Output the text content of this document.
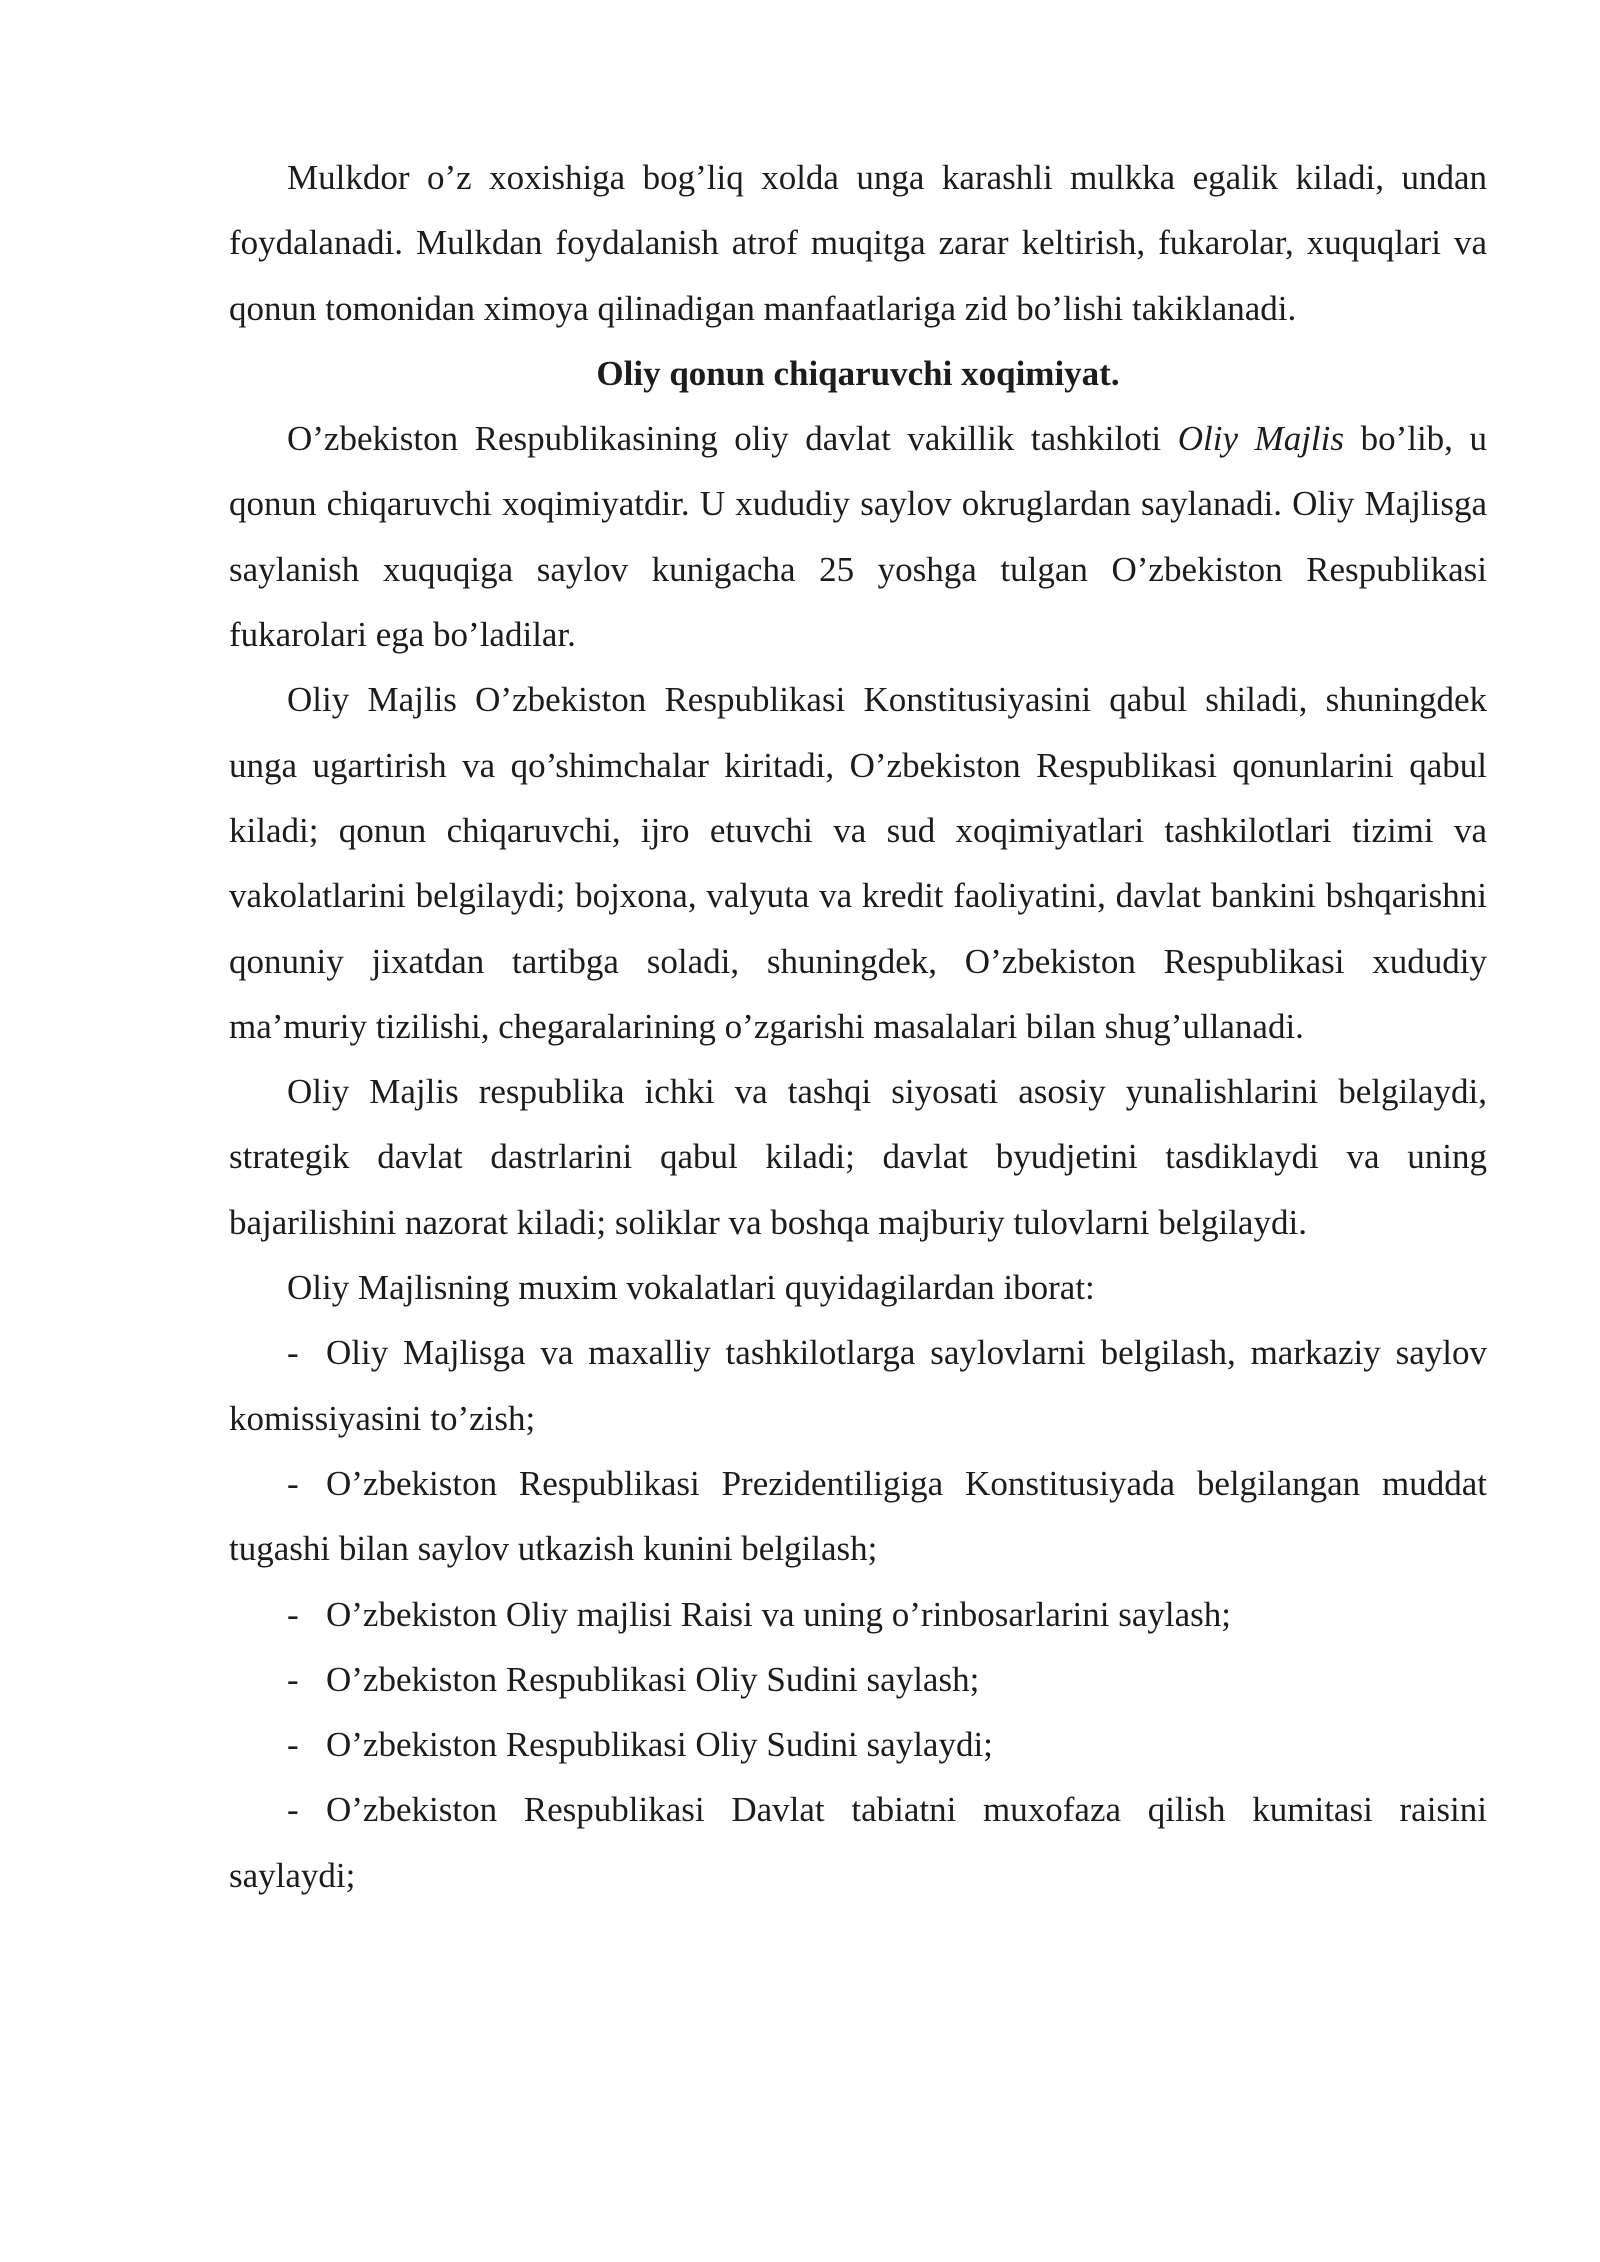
Mulkdor o’z xoxishiga bog’liq xolda unga karashli mulkka egalik kiladi, undan foydalanadi. Mulkdan foydalanish atrof muqitga zarar keltirish, fukarolar, xuquqlari va qonun tomonidan ximoya qilinadigan manfaatlariga zid bo’lishi takiklanadi.

Oliy qonun chiqaruvchi xoqimiyat.

O’zbekiston Respublikasining oliy davlat vakillik tashkiloti Oliy Majlis bo’lib, u qonun chiqaruvchi xoqimiyatdir. U xududiy saylov okruglardan saylanadi. Oliy Majlisga saylanish xuquqiga saylov kunigacha 25 yoshga tulgan O’zbekiston Respublikasi fukarolari ega bo’ladilar.

Oliy Majlis O’zbekiston Respublikasi Konstitusiyasini qabul shiladi, shuningdek unga ugartirish va qo’shimchalar kiritadi, O’zbekiston Respublikasi qonunlarini qabul kiladi; qonun chiqaruvchi, ijro etuvchi va sud xoqimiyatlari tashkilotlari tizimi va vakolatlarini belgilaydi; bojxona, valyuta va kredit faoliyatini, davlat bankini bshqarishni qonuniy jixatdan tartibga soladi, shuningdek, O’zbekiston Respublikasi xududiy ma’muriy tizilishi, chegaralarining o’zgarishi masalalari bilan shug’ullanadi.

Oliy Majlis respublika ichki va tashqi siyosati asosiy yunalishlarini belgilaydi, strategik davlat dastrlarini qabul kiladi; davlat byudjetini tasdiklaydi va uning bajarilishini nazorat kiladi; soliklar va boshqa majburiy tulovlarni belgilaydi.

Oliy Majlisning muxim vokalatlari quyidagilardan iborat:

- Oliy Majlisga va maxalliy tashkilotlarga saylovlarni belgilash, markaziy saylov komissiyasini to’zish;

- O’zbekiston Respublikasi Prezidentiligiga Konstitusiyada belgilangan muddat tugashi bilan saylov utkazish kunini belgilash;

- O’zbekiston Oliy majlisi Raisi va uning o’rinbosarlarini saylash;

- O’zbekiston Respublikasi Oliy Sudini saylash;

- O’zbekiston Respublikasi Oliy Sudini saylaydi;

- O’zbekiston Respublikasi Davlat tabiatni muxofaza qilish kumitasi raisini saylaydi;
